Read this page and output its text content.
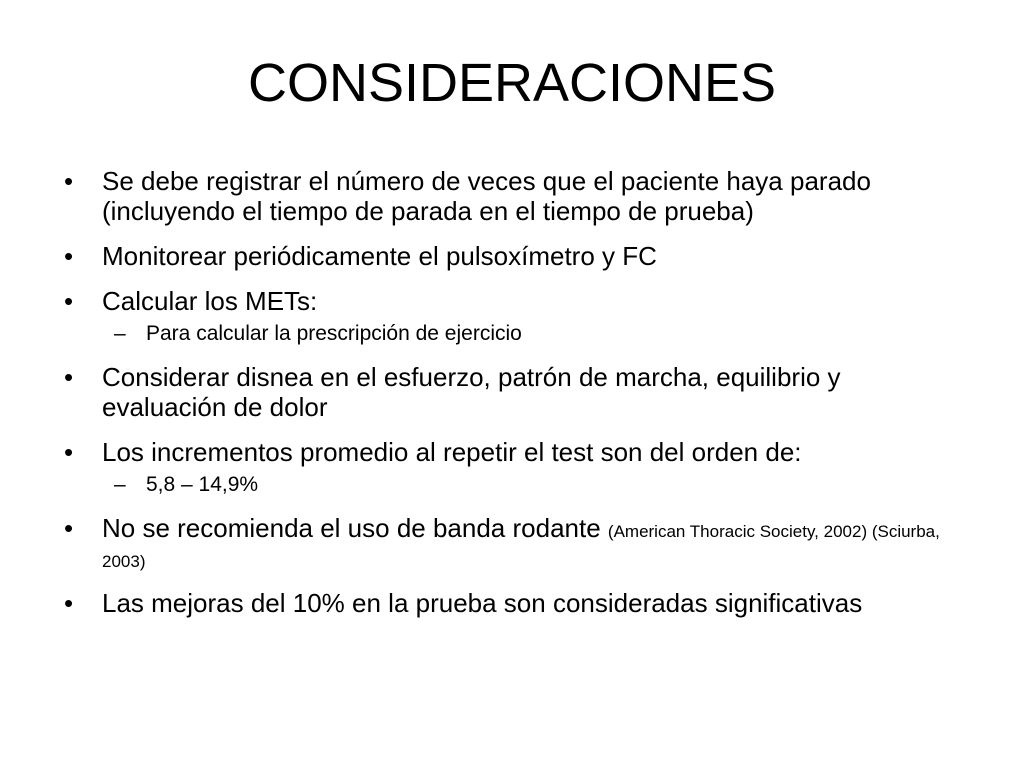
CONSIDERACIONES
•	Se debe registrar el número de veces que el paciente haya parado (incluyendo el tiempo de parada en el tiempo de prueba)
•	Monitorear periódicamente el pulsoxímetro y FC
•	Calcular los METs:
– Para calcular la prescripción de ejercicio
•	Considerar disnea en el esfuerzo, patrón de marcha, equilibrio y evaluación de dolor
•	Los incrementos promedio al repetir el test son del orden de:
– 5,8 – 14,9%
•	No se recomienda el uso de banda rodante (American Thoracic Society, 2002) (Sciurba, 2003)
•	Las mejoras del 10% en la prueba son consideradas significativas
